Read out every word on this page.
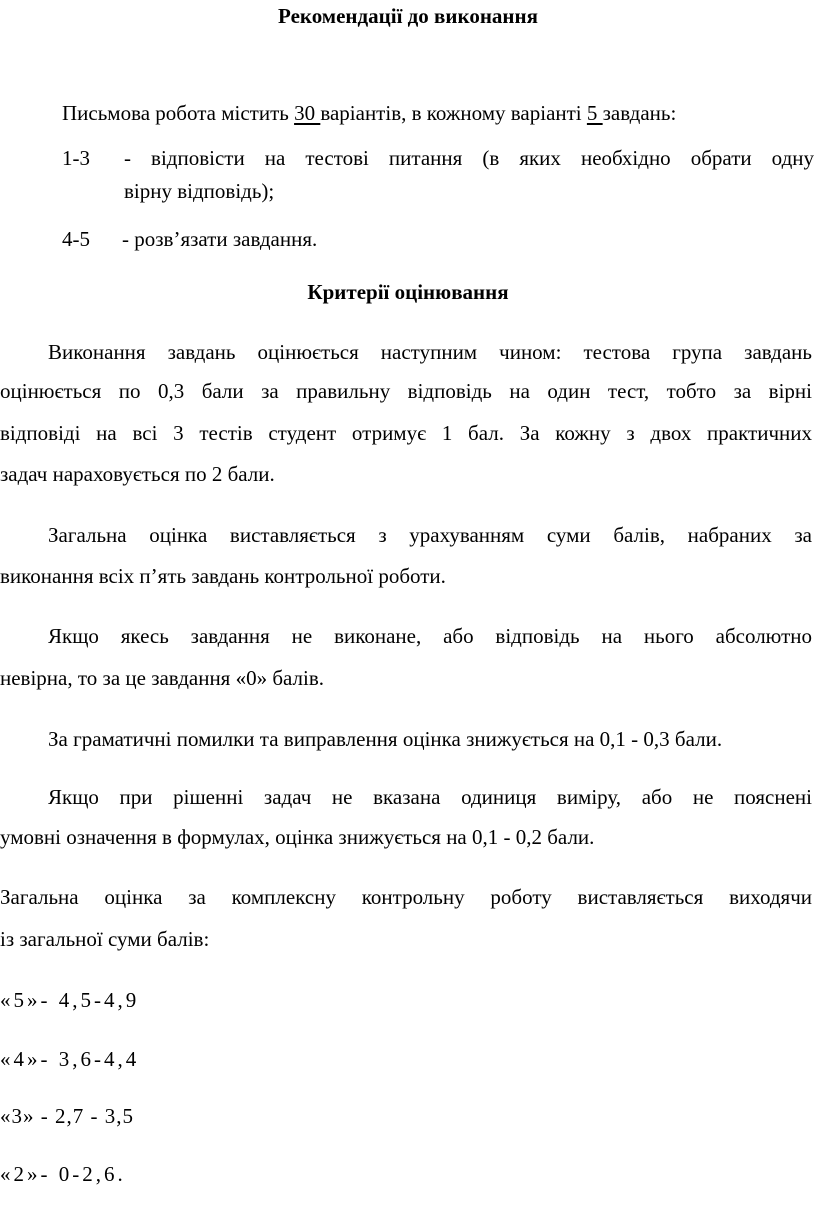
Рекомендації до виконання
Письмова робота містить 30 варіантів, в кожному варіанті 5 завдань:
1-3 - відповісти на тестові питання (в яких необхідно обрати одну
вірну відповідь);
4-5 - розв’язати завдання.
Критерії оцінювання
Виконання завдань оцінюється наступним чином: тестова група завдань
оцінюється по 0,3 бали за правильну відповідь на один тест, тобто за вірні
відповіді на всі 3 тестів студент отримує 1 бал. За кожну з двох практичних
задач нараховується по 2 бали.
Загальна оцінка виставляється з урахуванням суми балів, набраних за
виконання всіх п’ять завдань контрольної роботи.
Якщо якесь завдання не виконане, або відповідь на нього абсолютно
невірна, то за це завдання «0» балів.
За граматичні помилки та виправлення оцінка знижується на 0,1 - 0,3 бали.
Якщо при рішенні задач не вказана одиниця виміру, або не пояснені
умовні означення в формулах, оцінка знижується на 0,1 - 0,2 бали.
Загальна оцінка за комплексну контрольну роботу виставляється виходячи
із загальної суми балів:
«5»- 4,5-4,9
«4»- 3,6-4,4
«3» - 2,7 - 3,5
«2»- 0-2,6.
